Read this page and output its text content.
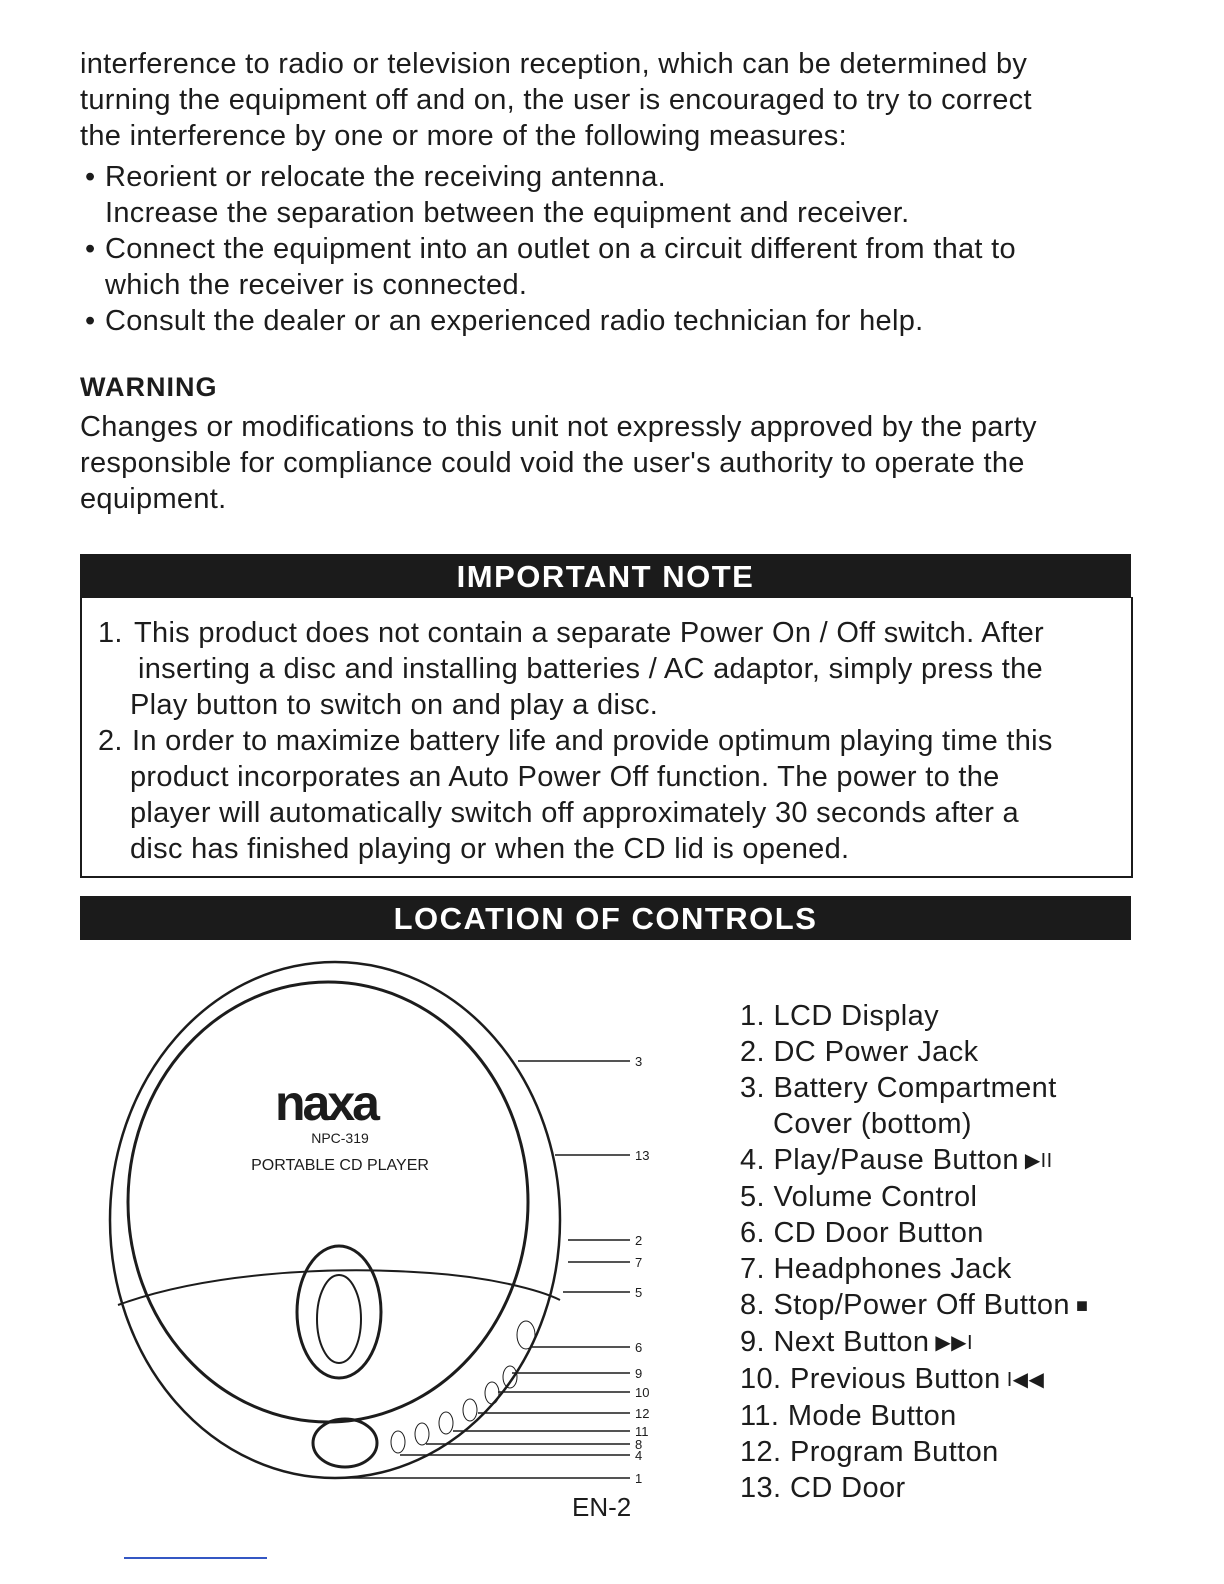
interference to radio or television reception, which can be determined by
turning the equipment off and on, the user is encouraged to try to correct
the interference by one or more of the following measures:
• Reorient or relocate the receiving antenna.
Increase the separation between the equipment and receiver.
• Connect the equipment into an outlet on a circuit different from that to
which the receiver is connected.
• Consult the dealer or an experienced radio technician for help.
WARNING
Changes or modifications to this unit not expressly approved by the party
responsible for compliance could void the user's authority to operate the
equipment.
IMPORTANT NOTE
1. This product does not contain a separate Power On / Off switch. After
inserting a disc and installing batteries / AC adaptor, simply press the
Play button to switch on and play a disc.
2. In order to maximize battery life and provide optimum playing time this
product incorporates an Auto Power Off function. The power to the
player will automatically switch off approximately 30 seconds after a
disc has finished playing or when the CD lid is opened.
LOCATION OF CONTROLS
naxa
NPC-319
PORTABLE CD PLAYER
3
13
2
7
5
6
9
10
12
11
8
4
1
1. LCD Display
2. DC Power Jack
3. Battery Compartment
Cover (bottom)
4. Play/Pause Button ▶II
5. Volume Control
6. CD Door Button
7. Headphones Jack
8. Stop/Power Off Button ■
9. Next Button ▶▶I
10. Previous Button I◀◀
11. Mode Button
12. Program Button
13. CD Door
EN-2
